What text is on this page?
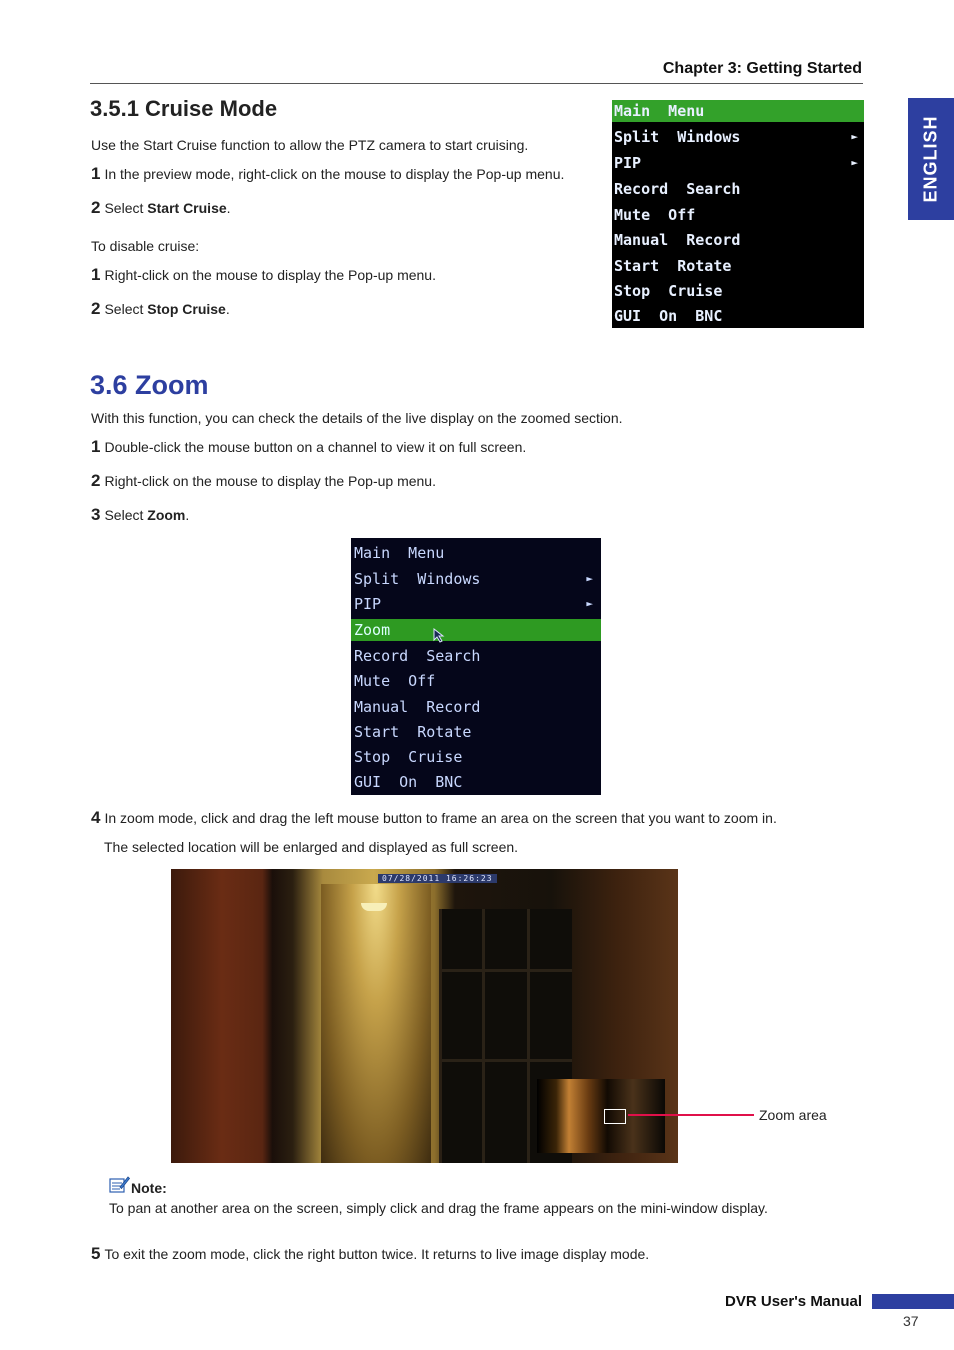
Chapter 3: Getting Started
ENGLISH
3.5.1 Cruise Mode
Use the Start Cruise function to allow the PTZ camera to start cruising.
1 In the preview mode, right-click on the mouse to display the Pop-up menu.
2 Select Start Cruise.
To disable cruise:
1 Right-click on the mouse to display the Pop-up menu.
2 Select Stop Cruise.
Main  Menu
Split  Windows	►
PIP	►
Record  Search
Mute  Off
Manual  Record
Start  Rotate
Stop  Cruise
GUI  On  BNC
3.6 Zoom
With this function, you can check the details of the live display on the zoomed section.
1 Double-click the mouse button on a channel to view it on full screen.
2 Right-click on the mouse to display the Pop-up menu.
3 Select Zoom.
Main  Menu
Split  Windows	►
PIP	►
Zoom

Record  Search
Mute  Off
Manual  Record
Start  Rotate
Stop  Cruise
GUI  On  BNC
4 In zoom mode, click and drag the left mouse button to frame an area on the screen that you want to zoom in.
The selected location will be enlarged and displayed as full screen.
07/28/2011 16:26:23
Zoom area
Note:
To pan at another area on the screen, simply click and drag the frame appears on the mini-window display.
5 To exit the zoom mode, click the right button twice. It returns to live image display mode.
DVR User's Manual
37
